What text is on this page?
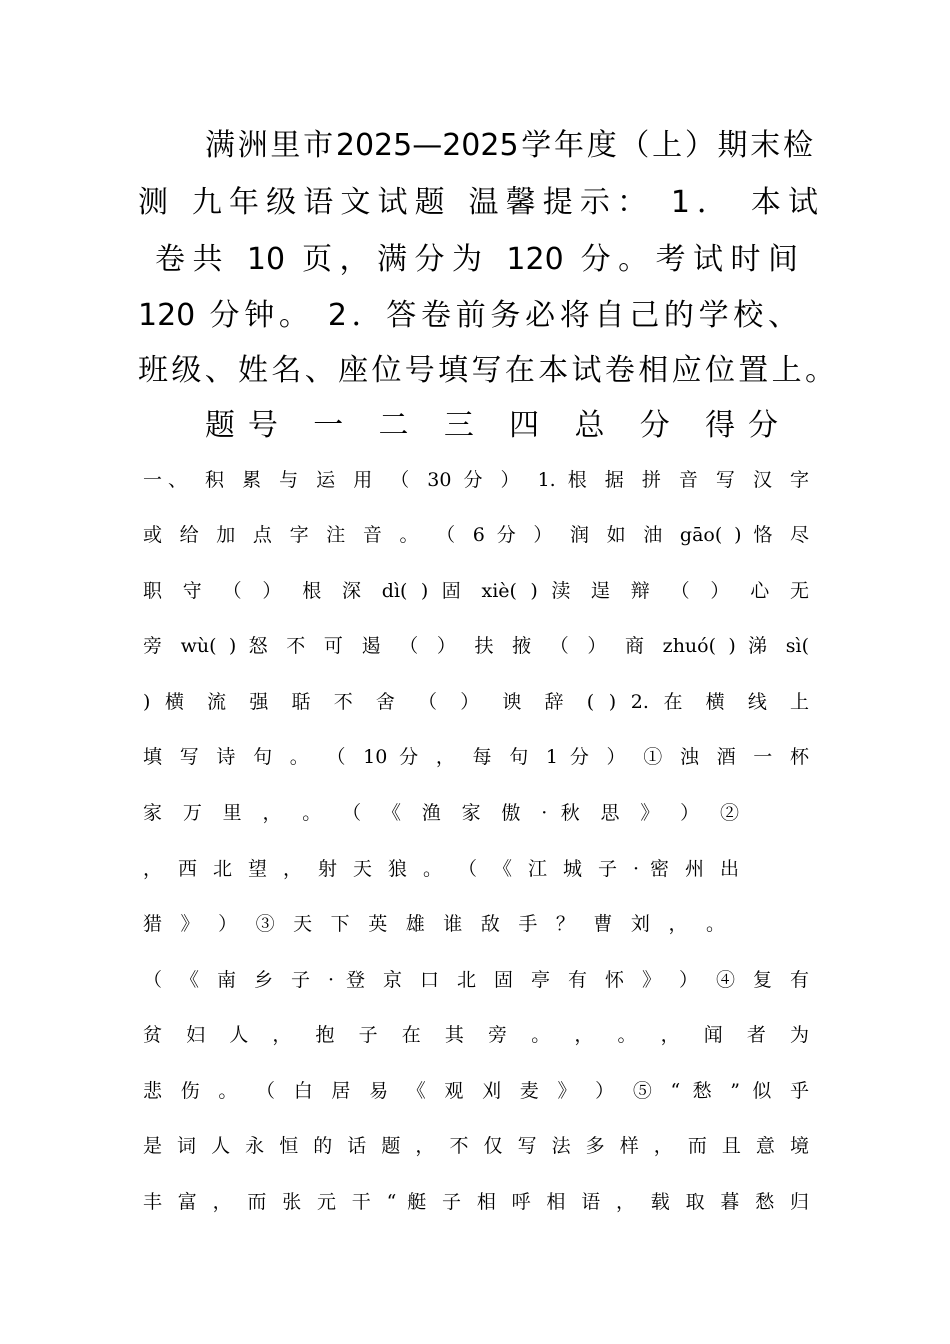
满洲里市2025—2025学年度（上）期末检
测 九年级语文试题 温馨提示： 1． 本试
卷共 10 页，满分为 120 分。考试时间
120 分钟。 2．答卷前务必将自己的学校、
班级、姓名、座位号填写在本试卷相应位置上。
题号 一 二 三 四 总 分 得分
一、 积 累 与 运 用 （ 30 分 ） 1. 根 据 拼 音 写 汉 字
或 给 加 点 字 注 音 。 （ 6 分 ） 润 如 油 gāo( ) 恪 尽
职 守 （ ） 根 深 dì( ) 固 xiè( ) 渎 逞 辩 （ ） 心 无
旁 wù( ) 怒 不 可 遏 （ ） 扶 掖 （ ） 商 zhuó( ) 涕 sì(
) 横 流 强 聒 不 舍 （ ） 谀 辞 ( ) 2. 在 横 线 上
填 写 诗 句 。 （ 10 分 ， 每 句 1 分 ） ① 浊 酒 一 杯
家 万 里 ， 。 （ 《 渔 家 傲 · 秋 思 》 ） ②
， 西 北 望 ， 射 天 狼 。 （ 《 江 城 子 · 密 州 出
猎 》 ） ③ 天 下 英 雄 谁 敌 手 ？ 曹 刘 ， 。
（ 《 南 乡 子 · 登 京 口 北 固 亭 有 怀 》 ） ④ 复 有
贫 妇 人 ， 抱 子 在 其 旁 。 ， 。 ， 闻 者 为
悲 伤 。 （ 白 居 易 《 观 刈 麦 》 ） ⑤ “ 愁 ” 似 乎
是 词 人 永 恒 的 话 题 ， 不 仅 写 法 多 样 ， 而 且 意 境
丰 富 ， 而 张 元 干 “ 艇 子 相 呼 相 语 ， 载 取 暮 愁 归
